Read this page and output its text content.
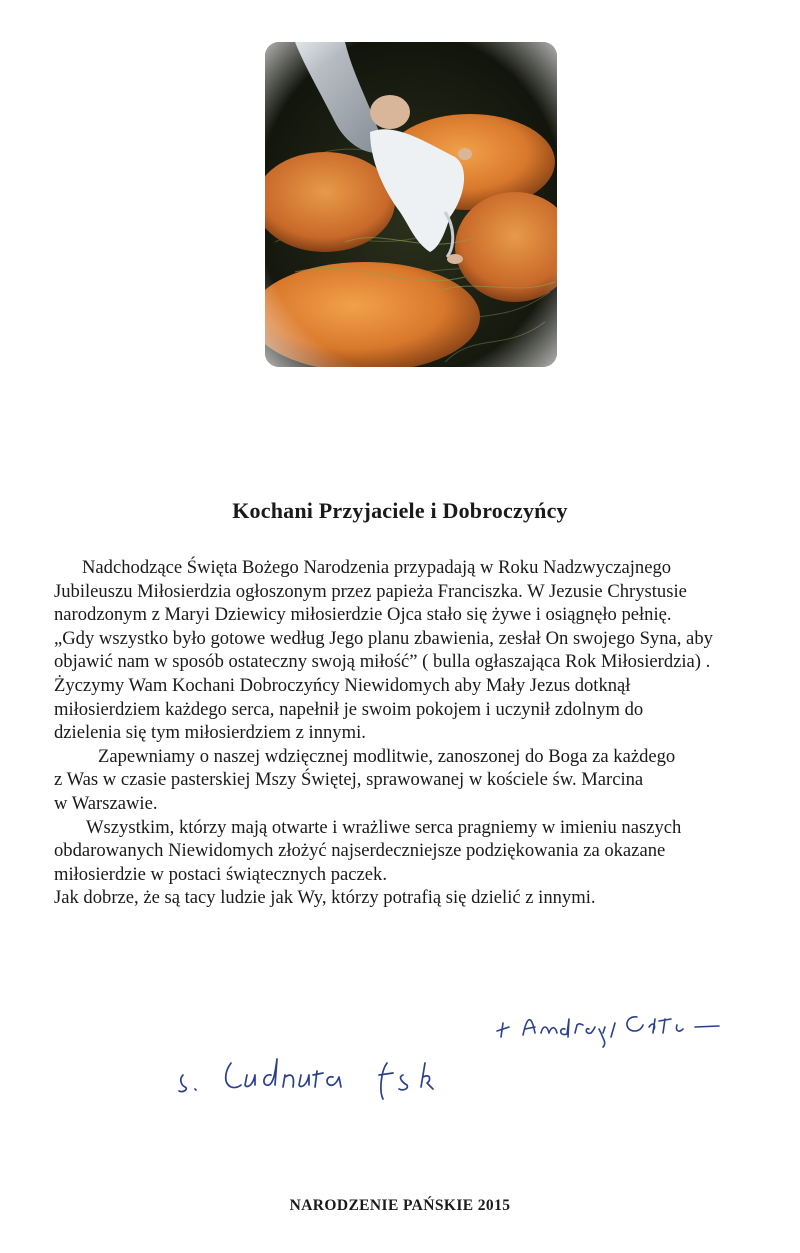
Kochani Przyjaciele i Dobroczyńcy
Nadchodzące Święta Bożego Narodzenia przypadają w Roku Nadzwyczajnego
Jubileuszu Miłosierdzia ogłoszonym przez papieża Franciszka. W Jezusie Chrystusie
narodzonym z Maryi Dziewicy miłosierdzie Ojca stało się żywe i osiągnęło pełnię.
„Gdy wszystko było gotowe według Jego planu zbawienia, zesłał On swojego Syna, aby
objawić nam w sposób ostateczny swoją miłość” ( bulla ogłaszająca Rok Miłosierdzia) .
Życzymy Wam Kochani Dobroczyńcy Niewidomych aby Mały Jezus dotknął
miłosierdziem każdego serca, napełnił je swoim pokojem i uczynił zdolnym do
dzielenia się tym miłosierdziem z innymi.
Zapewniamy o naszej wdzięcznej modlitwie, zanoszonej do Boga za każdego
z Was w czasie pasterskiej Mszy Świętej, sprawowanej w kościele św. Marcina
w Warszawie.
Wszystkim, którzy mają otwarte i wrażliwe serca pragniemy w imieniu naszych
obdarowanych Niewidomych złożyć najserdeczniejsze podziękowania za okazane
miłosierdzie w postaci świątecznych paczek.
Jak dobrze, że są tacy ludzie jak Wy, którzy potrafią się dzielić z innymi.
NARODZENIE PAŃSKIE 2015
